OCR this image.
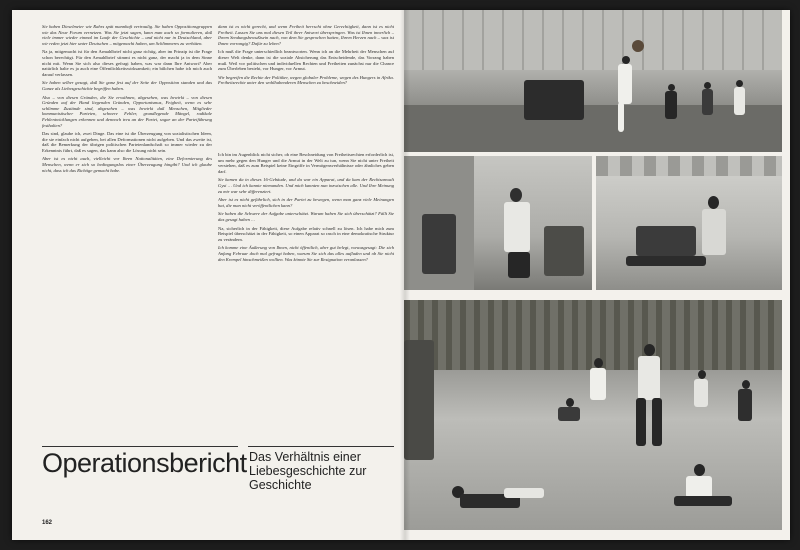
Sie haben Dieselmeier wie Rahrs spät mannhaft vertraulig. Sie haben Oppositionsgruppen wie das Neue Forum vernetzen. Was Sie jetzt sagen, kann man auch so formulieren, daß viele immer wieder einmal im Laufe der Geschichte – und nicht nur in Deutschland, aber wir reden jetzt hier unter Deutschen – mitgemacht haben, um Schlimmeres zu verhüten.

Na ja, mitgemacht ist für den Armahlbrief nicht ganz richtig, aber im Prinzip ist die Frage schon berechtigt. Für den Armahlbrief stimmt es nicht ganz, der macht ja in dem Sinne nicht mit. Wenn Sie sich also dieses gefragt haben, was war dann Ihre Antwort? Aber natürlich halte es ja auch eine Öffentlichkeitswirksamkeit; ein bißchen habe ich mich auch darauf verlassen.

Sie haben selber gesagt, daß Sie ganz fest auf der Seite der Opposition standen und das Ganze als Liebesgeschichte begriffen haben.

Also – von diesen Gründen, die Sie erwähnen, abgesehen, was bewirkt – von diesen Gründen auf der Hand liegenden Gründen, Opportunismus, Feigheit, wenn es sehr schlimme Zustände sind, abgesehen – was bewirkt daß Menschen, Mitglieder kommunistischer Parteien, schwere Fehler, grundlegende Mängel, radikale Fehlentwicklungen erkennen und dennoch treu an der Partei, sogar an der Parteiführung festhalten?

Das sind, glaube ich, zwei Dinge. Das eine ist die Überzeugung von sozialistischen Ideen, die sie einfach nicht aufgeben, bei allen Deformationen nicht aufgeben. Und das zweite ist, daß die Bemerkung der übrigen politischen Parteienlandschaft so immer wieder zu der Erkenntnis führt, daß es sagen, das kann also die Lösung nicht sein.

Aber ist es nicht auch, vielleicht vor Ihren Nationalitäten, eine Deformierung des Menschen, wenn er sich so bedingungslos einer Überzeugung hingibt? Und ich glaube nicht, dass ich das Richtige gemacht habe.

dann ist es nicht gerecht, und wenn Freiheit herrscht ohne Gerechtigkeit, dann ist es nicht Freiheit. Lassen Sie uns mal diesen Teil ihrer Antwort überspringen. Was ist Ihnen innerlich – Ihrem Sendungsbewußtsein nach, von dem Sie gesprochen hatten, Ihrem Herzen nach – was ist Ihnen vorrangig? Dafür zu leben?

Ich muß die Frage unterschiedlich beantworten. Wenn ich an die Mehrheit der Menschen auf dieser Welt denke, dann ist die soziale Absicherung das Entscheidende, das Vorrang haben muß. Weil vor politischen und individuellen Rechten und Freiheiten zunächst nur die Chance zum Überleben besteht, vor Hunger, vor Armut.

Wir begreifen die Rechte der Politiker, wegen globaler Probleme, wegen des Hungers in Afrika. Freiheitsrechte unter den wohlhabenderen Menschen zu beschneiden?

Ich bin im Augenblick nicht sicher, ob eine Beschneidung von Freiheitsrechten erforderlich ist, um mehr gegen den Hunger und die Armut in der Welt zu tun, wenn Sie nicht unter Freiheit verstehen, daß es zum Beispiel keine Eingriffe in Vermögensverhältnisse oder ähnliches geben darf.

Sie kamen da in dieses 16-Gebäude, und da war ein Apparat, und da kam der Rechtsanwalt Gysi … Und ich kannte niemanden. Und mich kannten nun inzwischen alle. Und Ihre Meinung zu mir war sehr differenziert.

Aber ist es nicht gefährlich, sich in der Partei zu bewegen, wenn man ganz viele Meinungen hat, die man nicht veröffentlichen kann?

Sie haben die Schwere der Aufgabe unterschätzt. Warum haben Sie sich überschätzt? Fällt Sie das gesagt haben …

Na, sicherlich in der Fähigkeit, diese Aufgabe relativ schnell zu lösen. Ich habe mich zum Beispiel überschätzt in der Fähigkeit, so einen Apparat so rasch in eine demokratische Struktur zu verändern.

Ich komme eine Äußerung von Ihnen, nicht öffentlich, aber gut belegt, vorausgesagt: Die sich Anfang Februar doch mal gefragt haben, warum Sie sich das alles aufladen und ob Sie nicht den Krempel hinschmeißen wollten. Was könnte Sie zur Resignation veranlassen?

Operationsbericht Das Verhältnis einer Liebesgeschichte zur Geschichte
162
